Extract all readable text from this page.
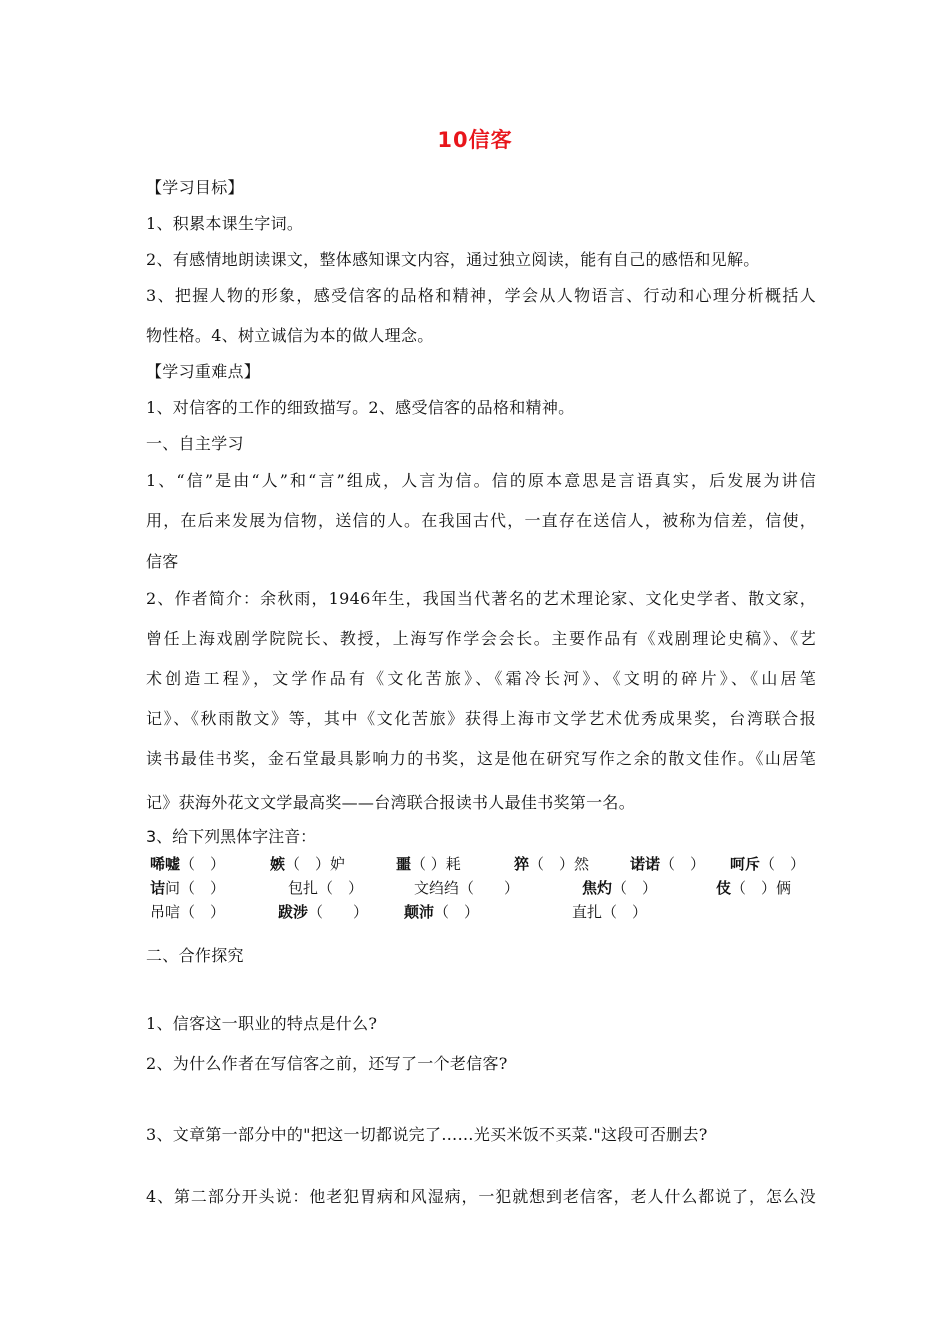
10信客
【学习目标】
1、积累本课生字词。
2、有感情地朗读课文，整体感知课文内容，通过独立阅读，能有自己的感悟和见解。
3、把握人物的形象，感受信客的品格和精神，学会从人物语言、行动和心理分析概括人
物性格。4、树立诚信为本的做人理念。
【学习重难点】
1、对信客的工作的细致描写。2、感受信客的品格和精神。
一、自主学习
1、“信”是由“人”和“言”组成，人言为信。信的原本意思是言语真实，后发展为讲信
用，在后来发展为信物，送信的人。在我国古代，一直存在送信人，被称为信差，信使，
信客
2、作者简介：余秋雨，1946年生，我国当代著名的艺术理论家、文化史学者、散文家，
曾任上海戏剧学院院长、教授，上海写作学会会长。主要作品有《戏剧理论史稿》、《艺
术创造工程》，文学作品有《文化苦旅》、《霜冷长河》、《文明的碎片》、《山居笔
记》、《秋雨散文》等，其中《文化苦旅》获得上海市文学艺术优秀成果奖，台湾联合报
读书最佳书奖，金石堂最具影响力的书奖，这是他在研究写作之余的散文佳作。《山居笔
记》获海外花文文学最高奖——台湾联合报读书人最佳书奖第一名。
3、给下列黑体字注音：
唏嘘（　）	嫉（　）妒	噩（ ）耗	猝（　）然	诺诺（　） 呵斥（　）
诘问（　）	包扎（　）	文绉绉（　　）	焦灼（　）	伎（　）俩
吊唁（　）	跋涉（　　） 颠沛（　）	直扎（　）
二、合作探究
1、信客这一职业的特点是什么?
2、为什么作者在写信客之前，还写了一个老信客?
3、文章第一部分中的"把这一切都说完了……光买米饭不买菜."这段可否删去?
4、第二部分开头说：他老犯胃病和风湿病，一犯就想到老信客，老人什么都说了，怎么没
